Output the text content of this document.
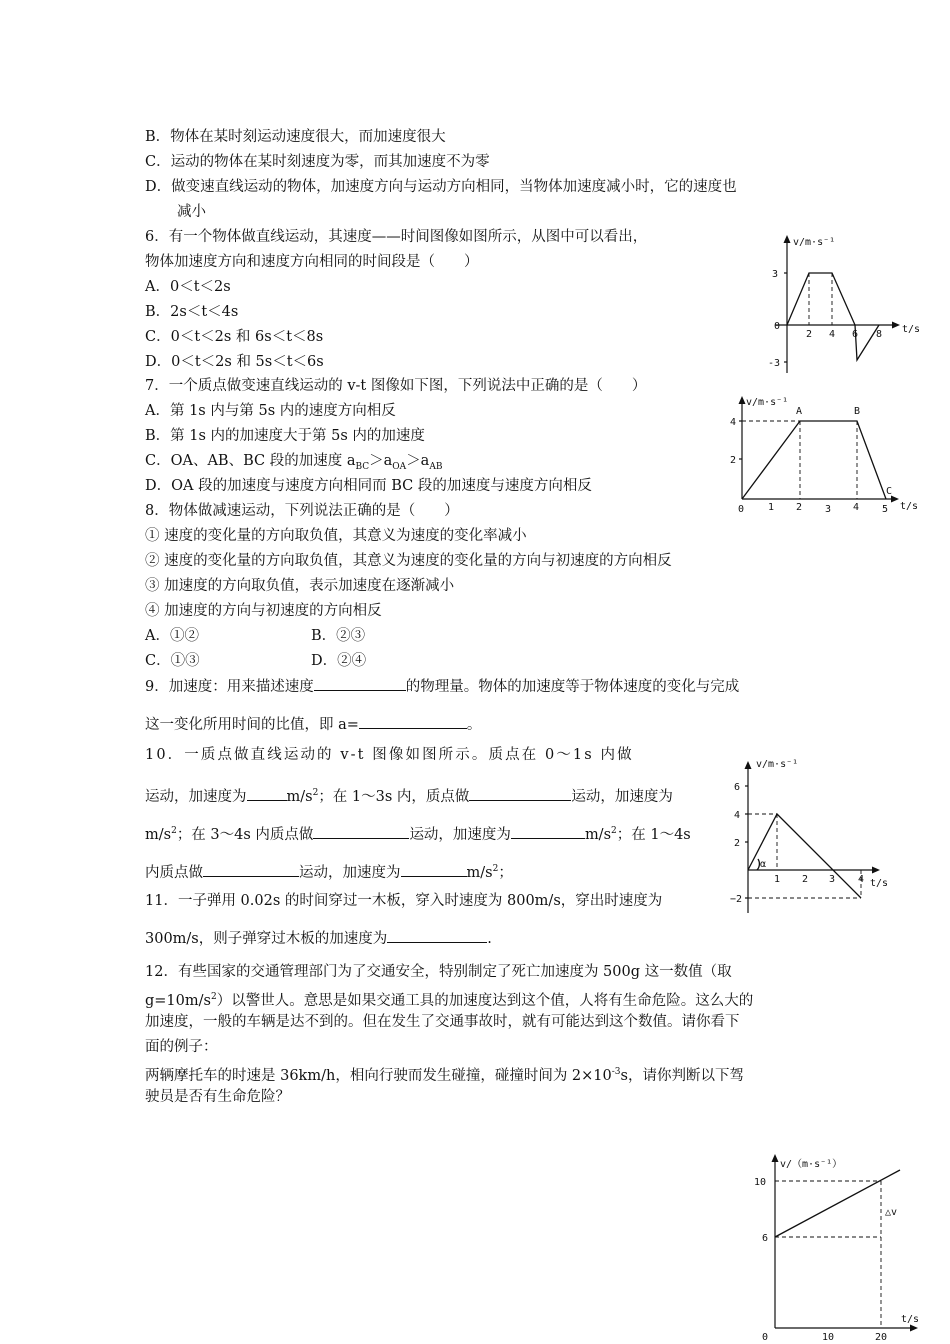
B．物体在某时刻运动速度很大，而加速度很大
C．运动的物体在某时刻速度为零，而其加速度不为零
D．做变速直线运动的物体，加速度方向与运动方向相同，当物体加速度减小时，它的速度也
减小
6．有一个物体做直线运动，其速度——时间图像如图所示，从图中可以看出，
物体加速度方向和速度方向相同的时间段是（　　）
A．0＜t＜2s
B．2s＜t＜4s
C．0＜t＜2s 和 6s＜t＜8s
D．0＜t＜2s 和 5s＜t＜6s
v/m·s⁻¹
t/s
3
-3
0
2 4 6 8
7．一个质点做变速直线运动的 v-t 图像如下图，下列说法中正确的是（　　）
A．第 1s 内与第 5s 内的速度方向相反
B．第 1s 内的加速度大于第 5s 内的加速度
C．OA、AB、BC 段的加速度 $a_{BC}>a_{OA}>a_{AB}$
D．OA 段的加速度与速度方向相同而 BC 段的加速度与速度方向相反
v/m·s⁻¹
t/s
A	B
C
4
2
0 1 2 3 4 5
8．物体做减速运动，下列说法正确的是（　　）
① 速度的变化量的方向取负值，其意义为速度的变化率减小
② 速度的变化量的方向取负值，其意义为速度的变化量的方向与初速度的方向相反
③ 加速度的方向取负值，表示加速度在逐渐减小
④ 加速度的方向与初速度的方向相反
A．①②	B．②③
C．①③	D．②④
9．加速度：用来描述速度	的物理量。物体的加速度等于物体速度的变化与完成
这一变化所用时间的比值，即 a=	。
10．一质点做直线运动的 v-t 图像如图所示。质点在 0～1s 内做
运动，加速度为	$m/s^2$；在 1～3s 内，质点做	运动，加速度为
$m/s^2$；在 3～4s 内质点做	运动，加速度为	$m/s^2$；在 1～4s
内质点做	运动，加速度为	$m/s^2$；
v/m·s⁻¹
t/s
6
4
2
−2
1 2 3 4
α
11．一子弹用 0.02s 的时间穿过一木板，穿入时速度为 800m/s，穿出时速度为
300m/s，则子弹穿过木板的加速度为	.
12．有些国家的交通管理部门为了交通安全，特别制定了死亡加速度为 500g 这一数值（取
$g=10m/s^2$）以警世人。意思是如果交通工具的加速度达到这个值，人将有生命危险。这么大的
加速度，一般的车辆是达不到的。但在发生了交通事故时，就有可能达到这个数值。请你看下
面的例子：
两辆摩托车的时速是 36km/h，相向行驶而发生碰撞，碰撞时间为 $2\times 10^{-3}s$，请你判断以下驾
驶员是否有生命危险？
v/（m·s⁻¹）
t/s
10
6
0	10	20
△v
